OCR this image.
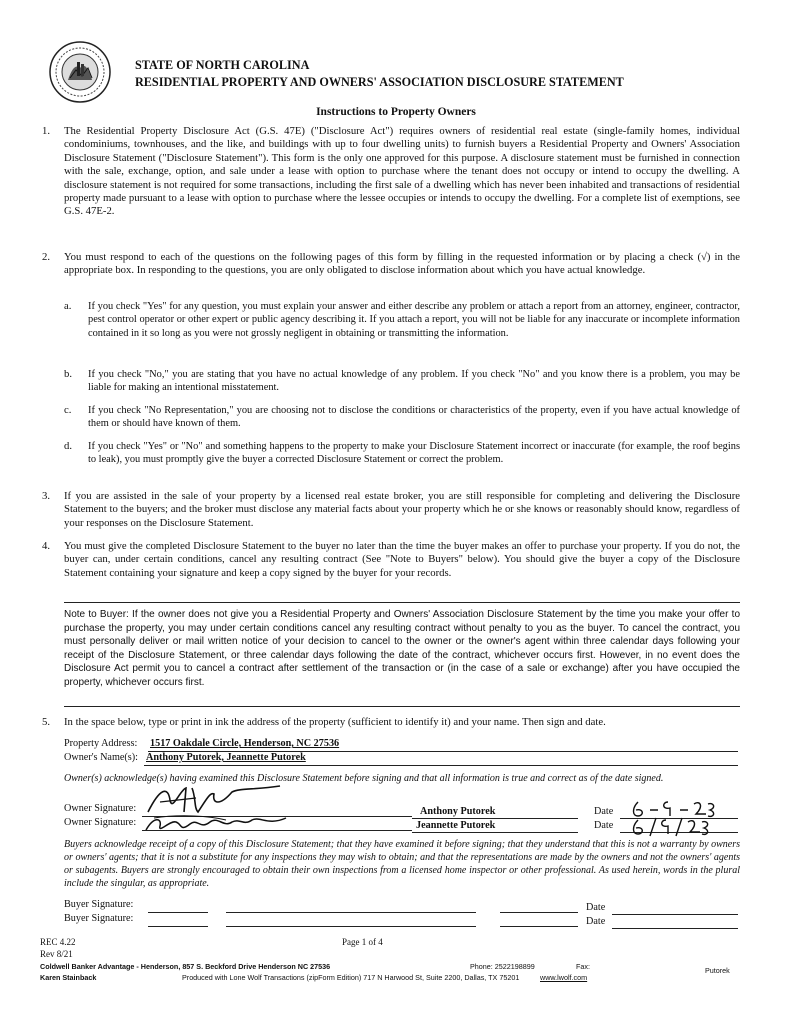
STATE OF NORTH CAROLINA
RESIDENTIAL PROPERTY AND OWNERS' ASSOCIATION DISCLOSURE STATEMENT
Instructions to Property Owners
1. The Residential Property Disclosure Act (G.S. 47E) ("Disclosure Act") requires owners of residential real estate (single-family homes, individual condominiums, townhouses, and the like, and buildings with up to four dwelling units) to furnish buyers a Residential Property and Owners' Association Disclosure Statement ("Disclosure Statement"). This form is the only one approved for this purpose. A disclosure statement must be furnished in connection with the sale, exchange, option, and sale under a lease with option to purchase where the tenant does not occupy or intend to occupy the dwelling. A disclosure statement is not required for some transactions, including the first sale of a dwelling which has never been inhabited and transactions of residential property made pursuant to a lease with option to purchase where the lessee occupies or intends to occupy the dwelling. For a complete list of exemptions, see G.S. 47E-2.
2. You must respond to each of the questions on the following pages of this form by filling in the requested information or by placing a check (√) in the appropriate box. In responding to the questions, you are only obligated to disclose information about which you have actual knowledge.
a. If you check "Yes" for any question, you must explain your answer and either describe any problem or attach a report from an attorney, engineer, contractor, pest control operator or other expert or public agency describing it. If you attach a report, you will not be liable for any inaccurate or incomplete information contained in it so long as you were not grossly negligent in obtaining or transmitting the information.
b. If you check "No," you are stating that you have no actual knowledge of any problem. If you check "No" and you know there is a problem, you may be liable for making an intentional misstatement.
c. If you check "No Representation," you are choosing not to disclose the conditions or characteristics of the property, even if you have actual knowledge of them or should have known of them.
d. If you check "Yes" or "No" and something happens to the property to make your Disclosure Statement incorrect or inaccurate (for example, the roof begins to leak), you must promptly give the buyer a corrected Disclosure Statement or correct the problem.
3. If you are assisted in the sale of your property by a licensed real estate broker, you are still responsible for completing and delivering the Disclosure Statement to the buyers; and the broker must disclose any material facts about your property which he or she knows or reasonably should know, regardless of your responses on the Disclosure Statement.
4. You must give the completed Disclosure Statement to the buyer no later than the time the buyer makes an offer to purchase your property. If you do not, the buyer can, under certain conditions, cancel any resulting contract (See "Note to Buyers" below). You should give the buyer a copy of the Disclosure Statement containing your signature and keep a copy signed by the buyer for your records.
Note to Buyer: If the owner does not give you a Residential Property and Owners' Association Disclosure Statement by the time you make your offer to purchase the property, you may under certain conditions cancel any resulting contract without penalty to you as the buyer. To cancel the contract, you must personally deliver or mail written notice of your decision to cancel to the owner or the owner's agent within three calendar days following your receipt of the Disclosure Statement, or three calendar days following the date of the contract, whichever occurs first. However, in no event does the Disclosure Act permit you to cancel a contract after settlement of the transaction or (in the case of a sale or exchange) after you have occupied the property, whichever occurs first.
5. In the space below, type or print in ink the address of the property (sufficient to identify it) and your name. Then sign and date.
Property Address: 1517 Oakdale Circle, Henderson, NC 27536
Owner's Name(s): Anthony Putorek, Jeannette Putorek
Owner(s) acknowledge(s) having examined this Disclosure Statement before signing and that all information is true and correct as of the date signed.
Owner Signature:	Anthony Putorek	Date
Owner Signature:	Jeannette Putorek	Date
Buyers acknowledge receipt of a copy of this Disclosure Statement; that they have examined it before signing; that they understand that this is not a warranty by owners or owners' agents; that it is not a substitute for any inspections they may wish to obtain; and that the representations are made by the owners and not the owners' agents or subagents. Buyers are strongly encouraged to obtain their own inspections from a licensed home inspector or other professional. As used herein, words in the plural include the singular, as appropriate.
Buyer Signature:	Date
Buyer Signature:	Date
REC 4.22
Rev 8/21
Page 1 of 4
Coldwell Banker Advantage - Henderson, 857 S. Beckford Drive Henderson NC 27536
Karen Stainback
Phone: 2522198899	Fax:
Produced with Lone Wolf Transactions (zipForm Edition) 717 N Harwood St, Suite 2200, Dallas, TX 75201	www.lwolf.com
Putorek
